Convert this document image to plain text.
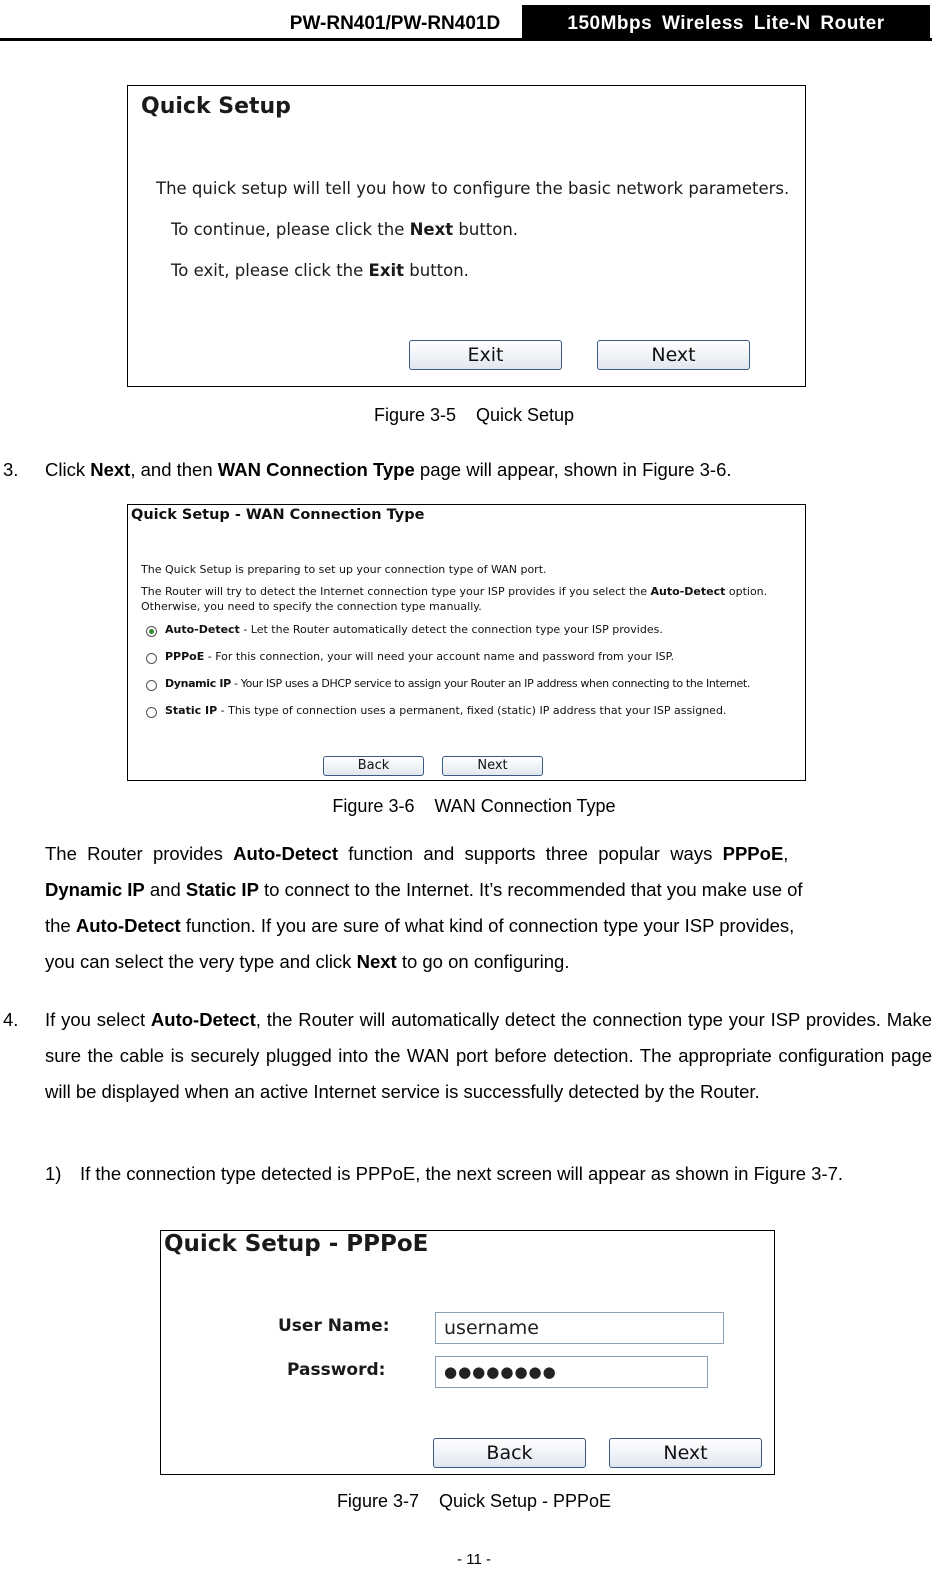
PW-RN401/PW-RN401D	150Mbps Wireless Lite-N Router
Quick Setup
The quick setup will tell you how to configure the basic network parameters.
To continue, please click the Next button.
To exit, please click the Exit button.
Exit	Next
Figure 3-5    Quick Setup
3. Click Next, and then WAN Connection Type page will appear, shown in Figure 3-6.
Quick Setup - WAN Connection Type
The Quick Setup is preparing to set up your connection type of WAN port.
The Router will try to detect the Internet connection type your ISP provides if you select the Auto-Detect option.
Otherwise, you need to specify the connection type manually.
Auto-Detect - Let the Router automatically detect the connection type your ISP provides.
PPPoE - For this connection, your will need your account name and password from your ISP.
Dynamic IP - Your ISP uses a DHCP service to assign your Router an IP address when connecting to the Internet.
Static IP - This type of connection uses a permanent, fixed (static) IP address that your ISP assigned.
Back	Next
Figure 3-6    WAN Connection Type
The  Router  provides  Auto-Detect  function  and  supports  three  popular  ways  PPPoE,
Dynamic IP and Static IP to connect to the Internet. It’s recommended that you make use of
the Auto-Detect function. If you are sure of what kind of connection type your ISP provides,
you can select the very type and click Next to go on configuring.
4. If you select Auto-Detect, the Router will automatically detect the connection type your ISP provides. Make sure the cable is securely plugged into the WAN port before detection. The appropriate configuration page will be displayed when an active Internet service is successfully detected by the Router.

1) If the connection type detected is PPPoE, the next screen will appear as shown in Figure 3-7.

Quick Setup - PPPoE
User Name:	username
Password:	●●●●●●●●
Back	Next
Figure 3-7    Quick Setup - PPPoE
- 11 -
